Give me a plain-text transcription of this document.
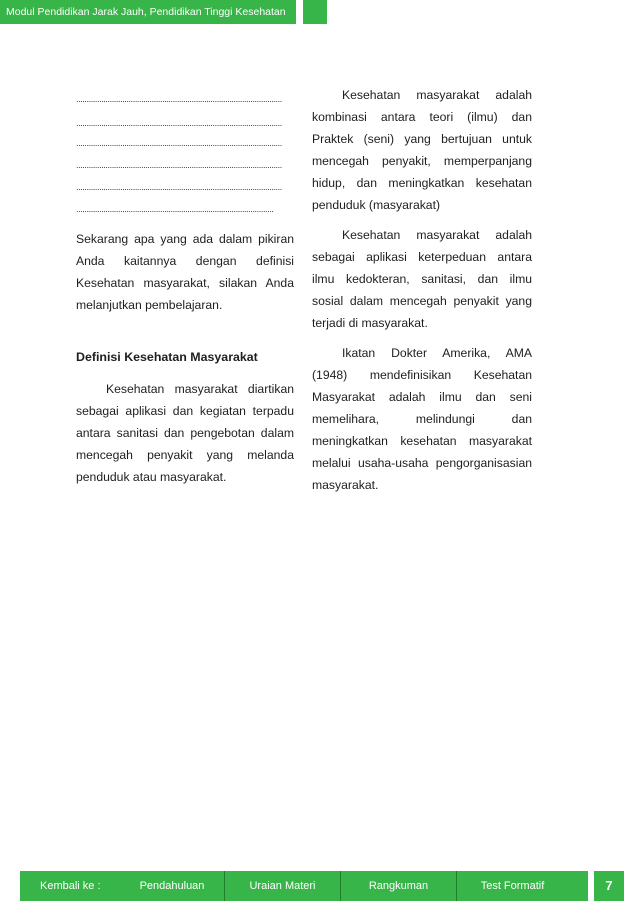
Modul Pendidikan Jarak Jauh, Pendidikan Tinggi Kesehatan
..................................................................................................
..................................................................................................
..................................................................................................
..................................................................................................
..................................................................................................
..............................................................................................

Sekarang apa yang ada dalam pikiran Anda kaitannya dengan definisi Kesehatan masyarakat, silakan Anda melanjutkan pembelajaran.

Definisi Kesehatan Masyarakat

Kesehatan masyarakat diartikan sebagai aplikasi dan kegiatan terpadu antara sanitasi dan pengebotan dalam mencegah penyakit yang melanda penduduk atau masyarakat.

Kesehatan masyarakat adalah kombinasi antara teori (ilmu) dan Praktek (seni) yang bertujuan untuk mencegah penyakit, memperpanjang hidup, dan meningkatkan kesehatan penduduk (masyarakat)

Kesehatan masyarakat adalah sebagai aplikasi keterpeduan antara ilmu kedokteran, sanitasi, dan ilmu sosial dalam mencegah penyakit yang terjadi di masyarakat.

Ikatan Dokter Amerika, AMA (1948) mendefinisikan Kesehatan Masyarakat adalah ilmu dan seni memelihara, melindungi dan meningkatkan kesehatan masyarakat melalui usaha-usaha pengorganisasian masyarakat.

Kembali ke :	Pendahuluan	Uraian Materi	Rangkuman	Test Formatif	7
